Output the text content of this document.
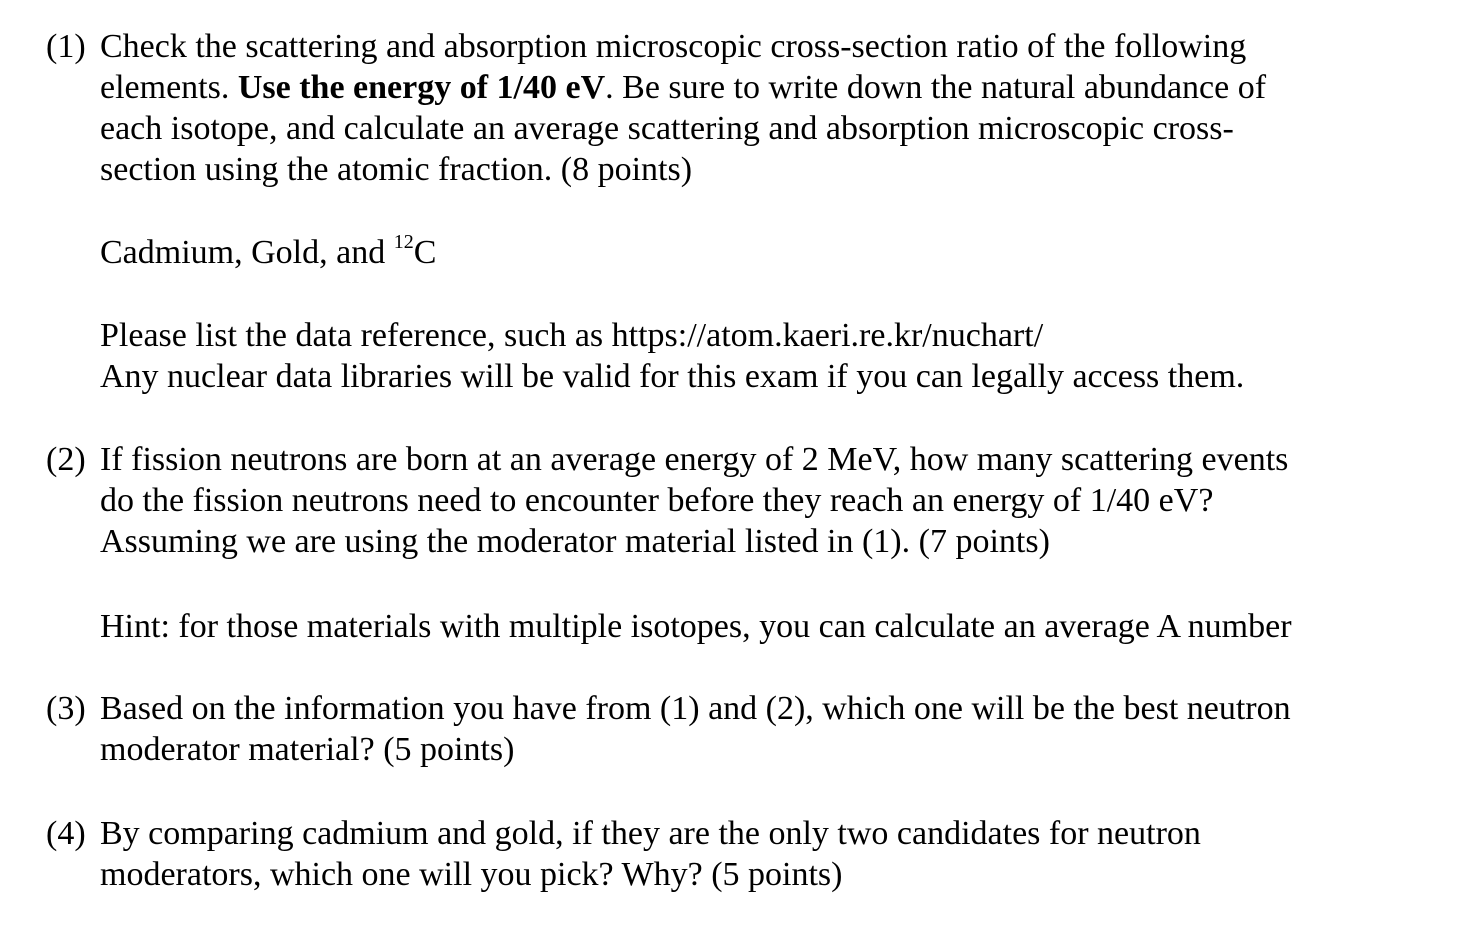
(1) Check the scattering and absorption microscopic cross-section ratio of the following
elements. Use the energy of 1/40 eV. Be sure to write down the natural abundance of
each isotope, and calculate an average scattering and absorption microscopic cross-
section using the atomic fraction. (8 points)
Cadmium, Gold, and $^{12}$C
Please list the data reference, such as https://atom.kaeri.re.kr/nuchart/
Any nuclear data libraries will be valid for this exam if you can legally access them.
(2) If fission neutrons are born at an average energy of 2 MeV, how many scattering events
do the fission neutrons need to encounter before they reach an energy of 1/40 eV?
Assuming we are using the moderator material listed in (1). (7 points)
Hint: for those materials with multiple isotopes, you can calculate an average A number
(3) Based on the information you have from (1) and (2), which one will be the best neutron
moderator material? (5 points)
(4) By comparing cadmium and gold, if they are the only two candidates for neutron
moderators, which one will you pick? Why? (5 points)
